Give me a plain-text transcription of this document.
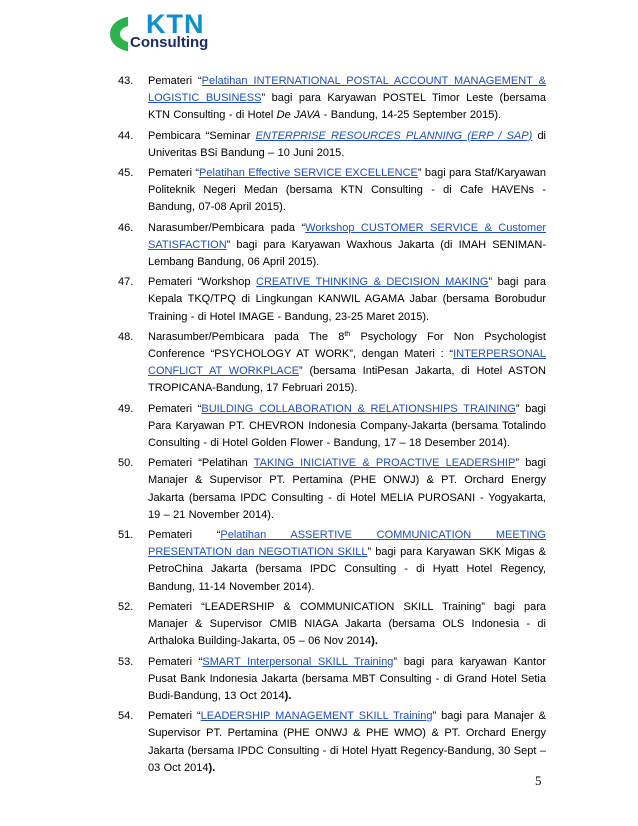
KTN
Consulting
43. Pemateri “Pelatihan INTERNATIONAL POSTAL ACCOUNT MANAGEMENT & LOGISTIC BUSINESS” bagi para Karyawan POSTEL Timor Leste (bersama KTN Consulting - di Hotel De JAVA - Bandung, 14-25 September 2015).
44. Pembicara “Seminar ENTERPRISE RESOURCES PLANNING (ERP / SAP) di Univeritas BSi Bandung – 10 Juni 2015.
45. Pemateri “Pelatihan Effective SERVICE EXCELLENCE” bagi para Staf/Karyawan Politeknik Negeri Medan (bersama KTN Consulting - di Cafe HAVENs - Bandung, 07-08 April 2015).
46. Narasumber/Pembicara pada “Workshop CUSTOMER SERVICE & Customer SATISFACTION” bagi para Karyawan Waxhous Jakarta (di IMAH SENIMAN-Lembang Bandung, 06 April 2015).
47. Pemateri “Workshop CREATIVE THINKING & DECISION MAKING” bagi para Kepala TKQ/TPQ di Lingkungan KANWIL AGAMA Jabar (bersama Borobudur Training - di Hotel IMAGE - Bandung, 23-25 Maret 2015).
48. Narasumber/Pembicara pada The 8th Psychology For Non Psychologist Conference “PSYCHOLOGY AT WORK”, dengan Materi : “INTERPERSONAL CONFLICT AT WORKPLACE” (bersama IntiPesan Jakarta, di Hotel ASTON TROPICANA-Bandung, 17 Februari 2015).
49. Pemateri “BUILDING COLLABORATION & RELATIONSHIPS TRAINING” bagi Para Karyawan PT. CHEVRON Indonesia Company-Jakarta (bersama Totalindo Consulting - di Hotel Golden Flower - Bandung, 17 – 18 Desember 2014).
50. Pemateri “Pelatihan TAKING INICIATIVE & PROACTIVE LEADERSHIP” bagi Manajer & Supervisor PT. Pertamina (PHE ONWJ) & PT. Orchard Energy Jakarta (bersama IPDC Consulting - di Hotel MELIA PUROSANI - Yogyakarta, 19 – 21 November 2014).
51. Pemateri “Pelatihan ASSERTIVE COMMUNICATION MEETING PRESENTATION dan NEGOTIATION SKILL” bagi para Karyawan SKK Migas & PetroChina Jakarta (bersama IPDC Consulting - di Hyatt Hotel Regency, Bandung, 11-14 November 2014).
52. Pemateri “LEADERSHIP & COMMUNICATION SKILL Training” bagi para Manajer & Supervisor CMIB NIAGA Jakarta (bersama OLS Indonesia - di Arthaloka Building-Jakarta, 05 – 06 Nov 2014).
53. Pemateri “SMART Interpersonal SKILL Training” bagi para karyawan Kantor Pusat Bank Indonesia Jakarta (bersama MBT Consulting - di Grand Hotel Setia Budi-Bandung, 13 Oct 2014).
54. Pemateri “LEADERSHIP MANAGEMENT SKILL Training” bagi para Manajer & Supervisor PT. Pertamina (PHE ONWJ & PHE WMO) & PT. Orchard Energy Jakarta (bersama IPDC Consulting - di Hotel Hyatt Regency-Bandung, 30 Sept – 03 Oct 2014).
5
